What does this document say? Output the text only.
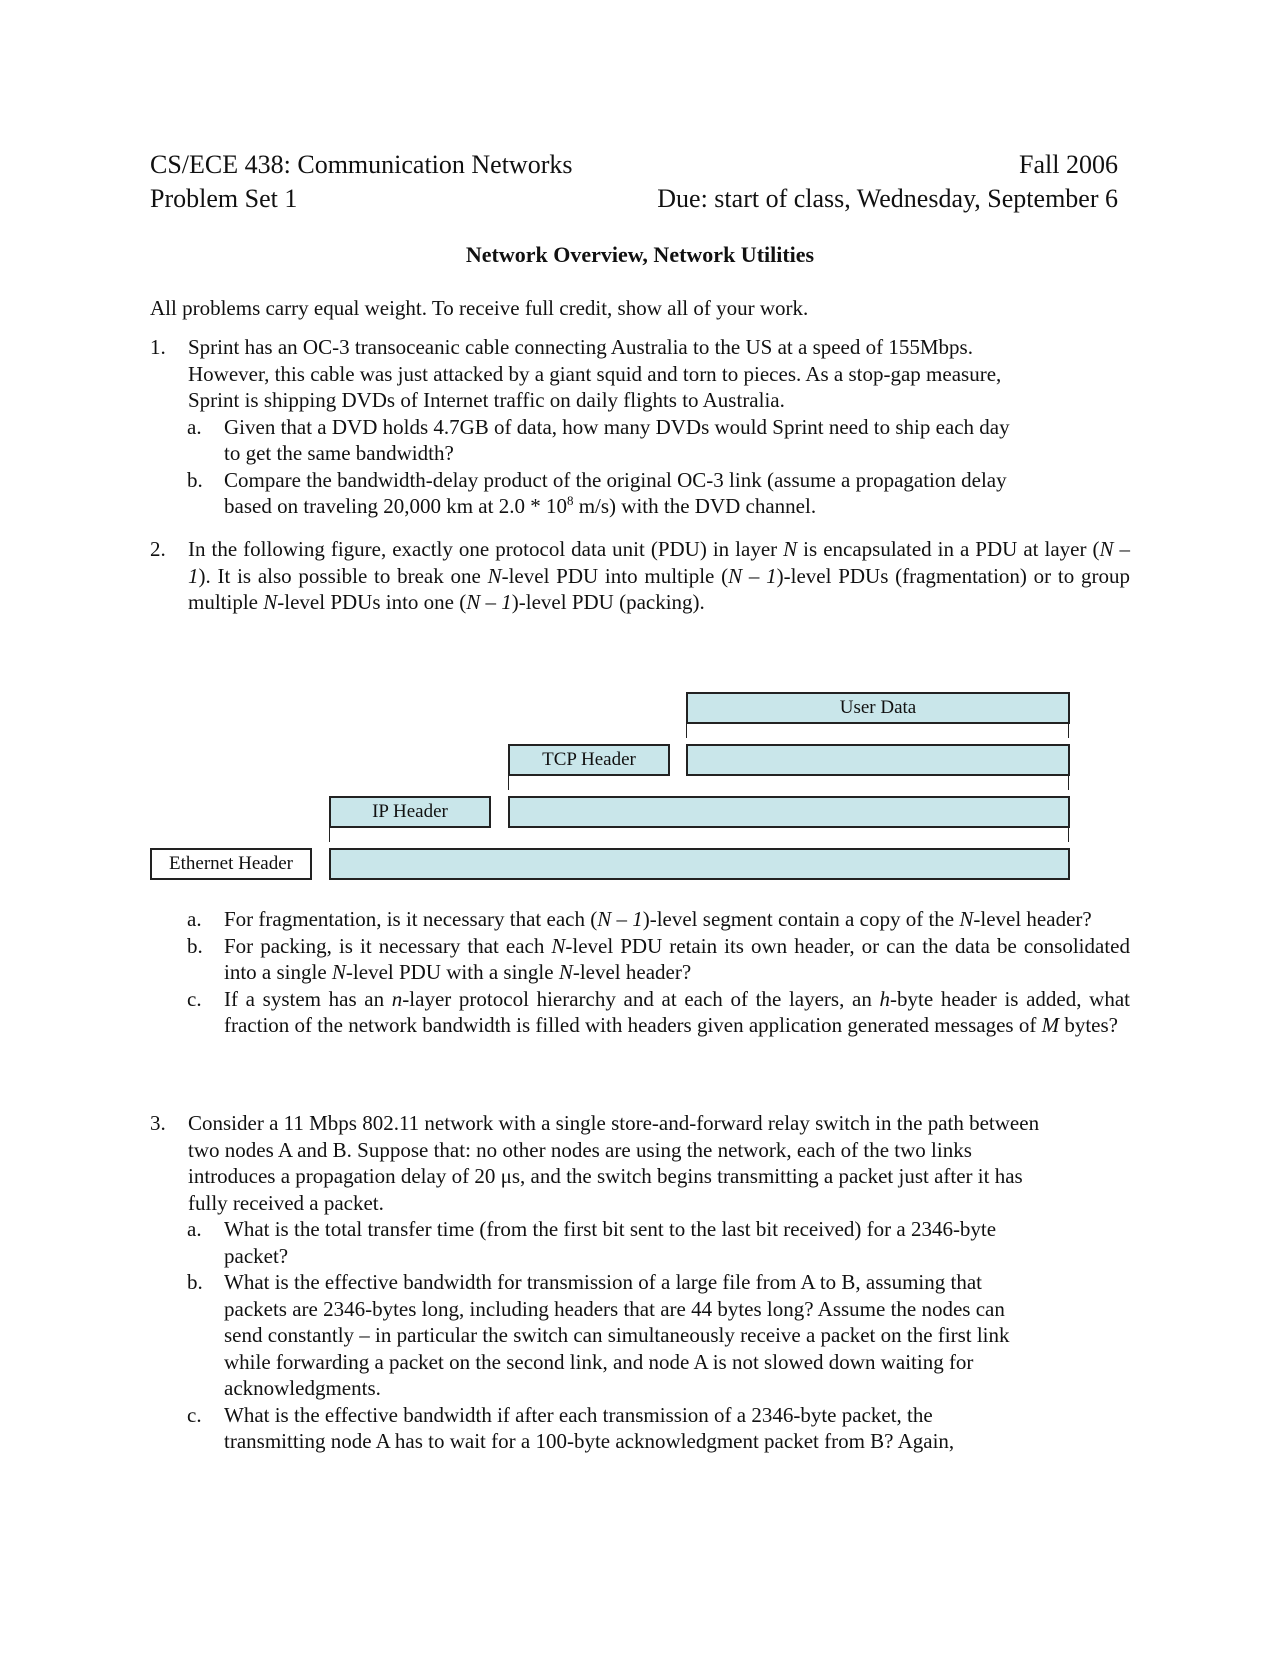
CS/ECE 438: Communication Networks	Fall 2006
Problem Set 1	Due: start of class, Wednesday, September 6
Network Overview, Network Utilities
All problems carry equal weight. To receive full credit, show all of your work.
1. Sprint has an OC-3 transoceanic cable connecting Australia to the US at a speed of 155Mbps.
However, this cable was just attacked by a giant squid and torn to pieces. As a stop-gap measure,
Sprint is shipping DVDs of Internet traffic on daily flights to Australia.
a. Given that a DVD holds 4.7GB of data, how many DVDs would Sprint need to ship each day
to get the same bandwidth?
b. Compare the bandwidth-delay product of the original OC-3 link (assume a propagation delay
based on traveling 20,000 km at $2.0 * 10^8$ m/s) with the DVD channel.
2. In the following figure, exactly one protocol data unit (PDU) in layer N is encapsulated in a PDU at layer (N – 1). It is also possible to break one N-level PDU into multiple (N – 1)-level PDUs (fragmentation) or to group multiple N-level PDUs into one (N – 1)-level PDU (packing).
User Data
TCP Header
IP Header
Ethernet Header
a. For fragmentation, is it necessary that each (N – 1)-level segment contain a copy of the N-level header?
b. For packing, is it necessary that each N-level PDU retain its own header, or can the data be consolidated into a single N-level PDU with a single N-level header?
c. If a system has an n-layer protocol hierarchy and at each of the layers, an h-byte header is added, what fraction of the network bandwidth is filled with headers given application generated messages of M bytes?
3. Consider a 11 Mbps 802.11 network with a single store-and-forward relay switch in the path between
two nodes A and B. Suppose that: no other nodes are using the network, each of the two links
introduces a propagation delay of 20 μs, and the switch begins transmitting a packet just after it has
fully received a packet.
a. What is the total transfer time (from the first bit sent to the last bit received) for a 2346-byte
packet?
b. What is the effective bandwidth for transmission of a large file from A to B, assuming that
packets are 2346-bytes long, including headers that are 44 bytes long? Assume the nodes can
send constantly – in particular the switch can simultaneously receive a packet on the first link
while forwarding a packet on the second link, and node A is not slowed down waiting for
acknowledgments.
c. What is the effective bandwidth if after each transmission of a 2346-byte packet, the
transmitting node A has to wait for a 100-byte acknowledgment packet from B? Again,
